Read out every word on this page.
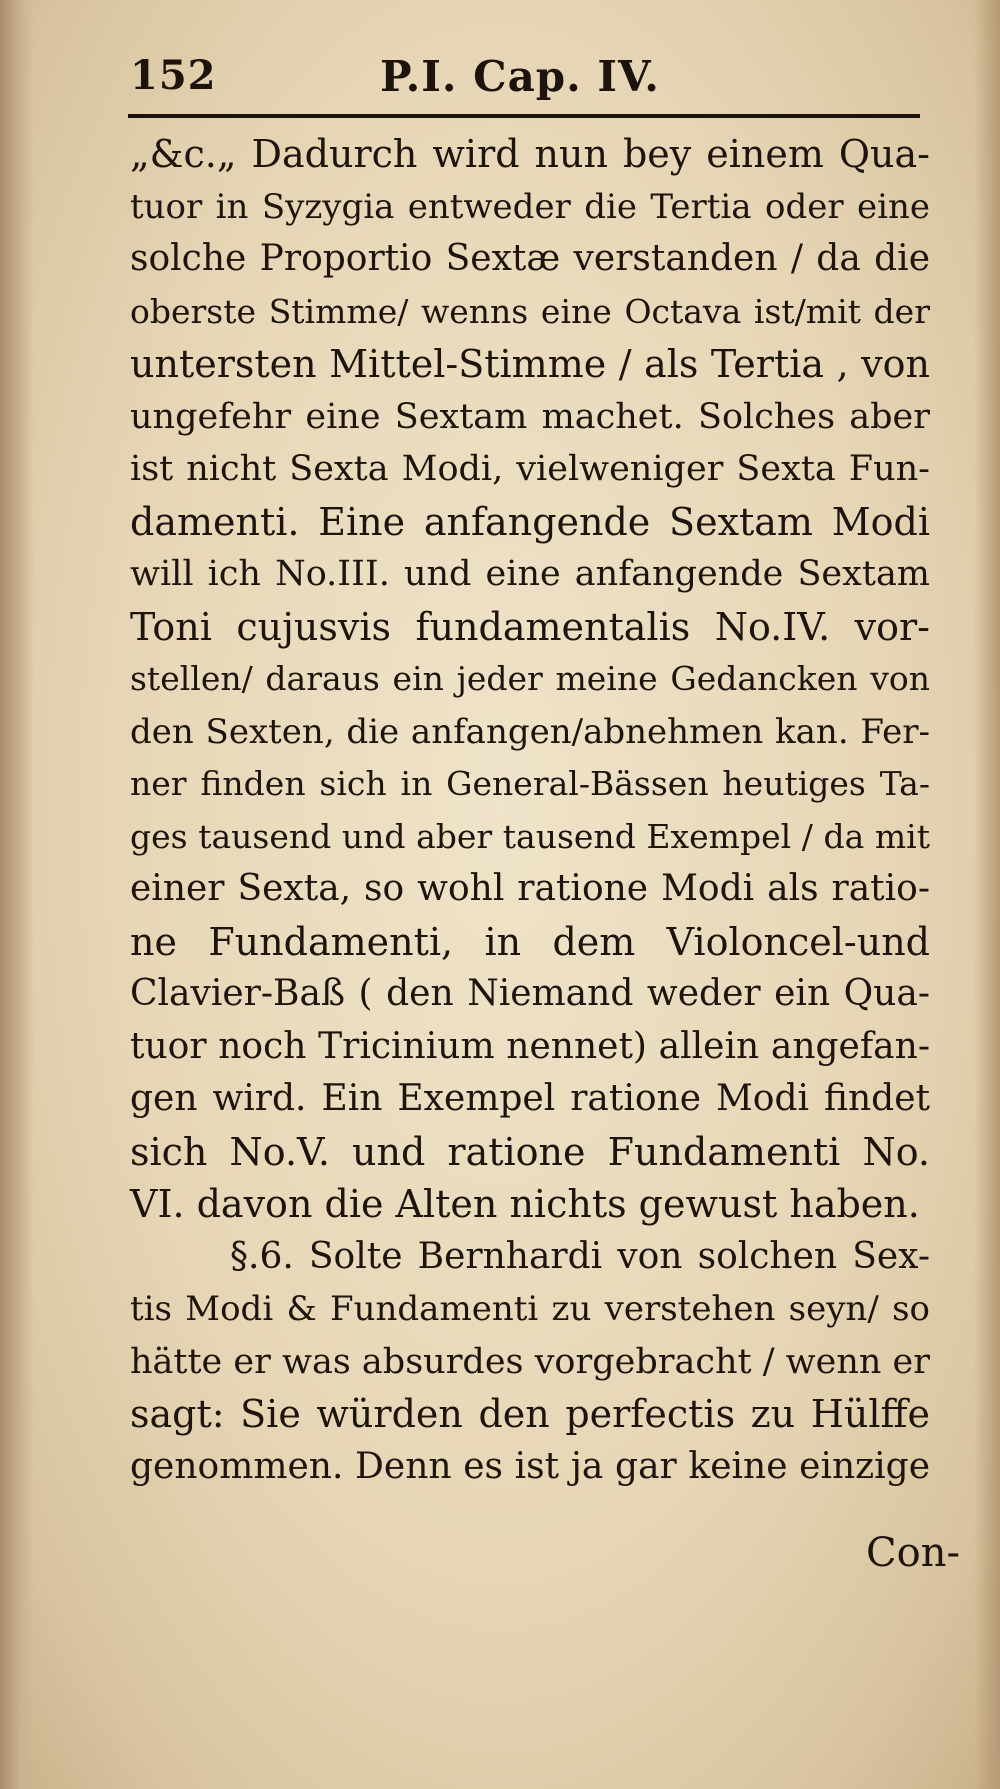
152	P.I. Cap. IV.
„&c.„ Dadurch wird nun bey einem Qua-
tuor in Syzygia entweder die Tertia oder eine
solche Proportio Sextæ verstanden / da die
oberste Stimme/ wenns eine Octava ist/mit der
untersten Mittel-Stimme / als Tertia , von
ungefehr eine Sextam machet. Solches aber
ist nicht Sexta Modi, vielweniger Sexta Fun-
damenti. Eine anfangende Sextam Modi
will ich No.III. und eine anfangende Sextam
Toni cujusvis fundamentalis No.IV. vor-
stellen/ daraus ein jeder meine Gedancken von
den Sexten, die anfangen/abnehmen kan. Fer-
ner finden sich in General-Bässen heutiges Ta-
ges tausend und aber tausend Exempel / da mit
einer Sexta, so wohl ratione Modi als ratio-
ne Fundamenti, in dem Violoncel-und
Clavier-Baß ( den Niemand weder ein Qua-
tuor noch Tricinium nennet) allein angefan-
gen wird. Ein Exempel ratione Modi findet
sich No.V. und ratione Fundamenti No.
VI. davon die Alten nichts gewust haben.
§.6. Solte Bernhardi von solchen Sex-
tis Modi & Fundamenti zu verstehen seyn/ so
hätte er was absurdes vorgebracht / wenn er
sagt: Sie würden den perfectis zu Hülffe
genommen. Denn es ist ja gar keine einzige
Con-
